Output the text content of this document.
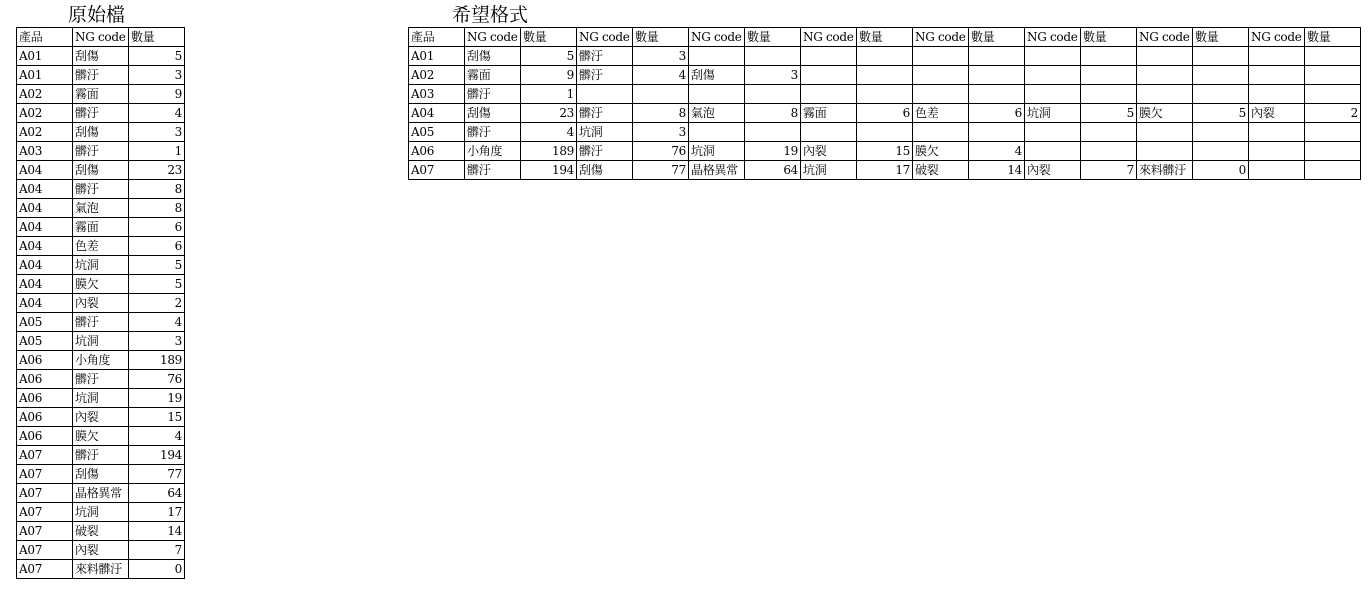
原始檔	希望格式
產品	NG code	數量
A01	刮傷	5
A01	髒汙	3
A02	霧面	9
A02	髒汙	4
A02	刮傷	3
A03	髒汙	1
A04	刮傷	23
A04	髒汙	8
A04	氣泡	8
A04	霧面	6
A04	色差	6
A04	坑洞	5
A04	膜欠	5
A04	內裂	2
A05	髒汙	4
A05	坑洞	3
A06	小角度	189
A06	髒汙	76
A06	坑洞	19
A06	內裂	15
A06	膜欠	4
A07	髒汙	194
A07	刮傷	77
A07	晶格異常	64
A07	坑洞	17
A07	破裂	14
A07	內裂	7
A07	來料髒汙	0
產品	NG code	數量	NG code	數量	NG code	數量	NG code	數量	NG code	數量	NG code	數量	NG code	數量	NG code	數量
A01	刮傷	5	髒汙	3												
A02	霧面	9	髒汙	4	刮傷	3										
A03	髒汙	1														
A04	刮傷	23	髒汙	8	氣泡	8	霧面	6	色差	6	坑洞	5	膜欠	5	內裂	2
A05	髒汙	4	坑洞	3												
A06	小角度	189	髒汙	76	坑洞	19	內裂	15	膜欠	4						
A07	髒汙	194	刮傷	77	晶格異常	64	坑洞	17	破裂	14	內裂	7	來料髒汙	0		
